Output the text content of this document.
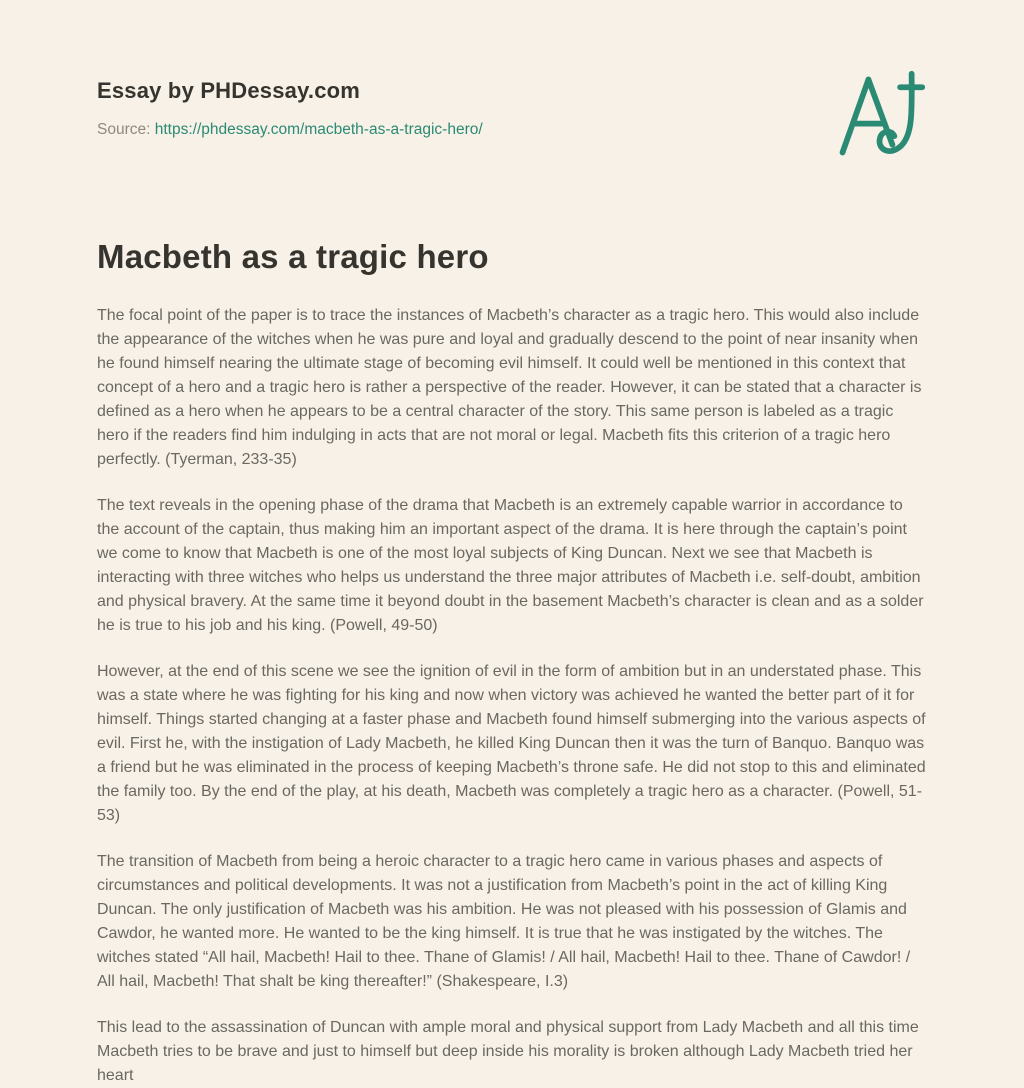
Essay by PHDessay.com
Source: https://phdessay.com/macbeth-as-a-tragic-hero/
Macbeth as a tragic hero

The focal point of the paper is to trace the instances of Macbeth’s character as a tragic hero. This would also include the appearance of the witches when he was pure and loyal and gradually descend to the point of near insanity when he found himself nearing the ultimate stage of becoming evil himself. It could well be mentioned in this context that concept of a hero and a tragic hero is rather a perspective of the reader. However, it can be stated that a character is defined as a hero when he appears to be a central character of the story. This same person is labeled as a tragic hero if the readers find him indulging in acts that are not moral or legal. Macbeth fits this criterion of a tragic hero perfectly. (Tyerman, 233-35)

The text reveals in the opening phase of the drama that Macbeth is an extremely capable warrior in accordance to the account of the captain, thus making him an important aspect of the drama. It is here through the captain’s point we come to know that Macbeth is one of the most loyal subjects of King Duncan. Next we see that Macbeth is interacting with three witches who helps us understand the three major attributes of Macbeth i.e. self-doubt, ambition and physical bravery. At the same time it beyond doubt in the basement Macbeth’s character is clean and as a solder he is true to his job and his king. (Powell, 49-50)

However, at the end of this scene we see the ignition of evil in the form of ambition but in an understated phase. This was a state where he was fighting for his king and now when victory was achieved he wanted the better part of it for himself. Things started changing at a faster phase and Macbeth found himself submerging into the various aspects of evil. First he, with the instigation of Lady Macbeth, he killed King Duncan then it was the turn of Banquo. Banquo was a friend but he was eliminated in the process of keeping Macbeth’s throne safe. He did not stop to this and eliminated the family too. By the end of the play, at his death, Macbeth was completely a tragic hero as a character. (Powell, 51-53)

The transition of Macbeth from being a heroic character to a tragic hero came in various phases and aspects of circumstances and political developments. It was not a justification from Macbeth’s point in the act of killing King Duncan. The only justification of Macbeth was his ambition. He was not pleased with his possession of Glamis and Cawdor, he wanted more. He wanted to be the king himself. It is true that he was instigated by the witches. The witches stated “All hail, Macbeth! Hail to thee. Thane of Glamis! / All hail, Macbeth! Hail to thee. Thane of Cawdor! / All hail, Macbeth! That shalt be king thereafter!” (Shakespeare, I.3)

This lead to the assassination of Duncan with ample moral and physical support from Lady Macbeth and all this time Macbeth tries to be brave and just to himself but deep inside his morality is broken although Lady Macbeth tried her heart
